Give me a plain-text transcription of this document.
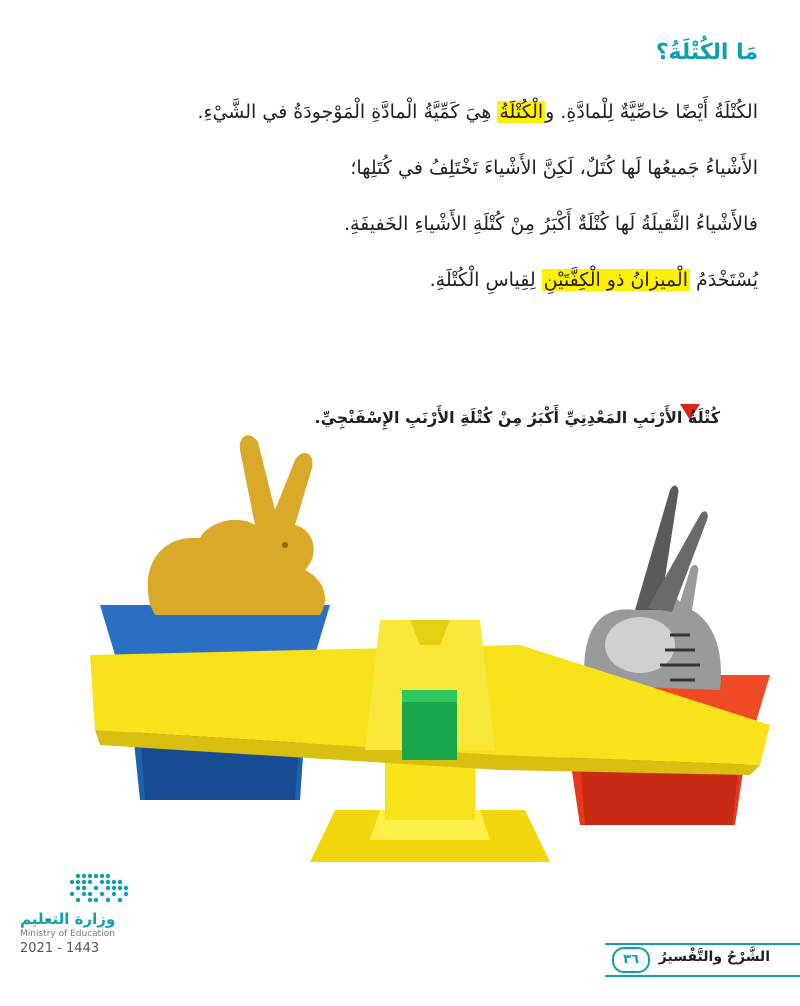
مَا الكُتْلَةُ؟
الكُتْلَةُ أَيْضًا خاصِّيَّةٌ لِلْمادَّةِ. والْكُتْلَةُ هِيَ كَمِّيَّةُ الْمادَّةِ الْمَوْجودَةُ في الشَّيْءِ.
الأَشْياءُ جَميعُها لَها كُتَلٌ، لَكِنَّ الأَشْياءَ تَخْتَلِفُ في كُتَلِها؛
فالأَشْياءُ الثَّقيلَةُ لَها كُتْلَةٌ أَكْبَرُ مِنْ كُتْلَةِ الأَشْياءِ الخَفيفَةِ.
يُسْتَخْدَمُ الْميزانُ ذو الْكِفَّتَيْنِ لِقِياسِ الْكُتْلَةِ.
كُتْلَةُ الأَرْنَبِ المَعْدِنِيِّ أَكْبَرُ مِنْ كُتْلَةِ الأَرْنَبِ الإِسْفَنْجِيِّ.
وزارة التعليم
Ministry of Education
2021 - 1443
الشَّرْحُ والتَّفْسيرُ
٣٦
